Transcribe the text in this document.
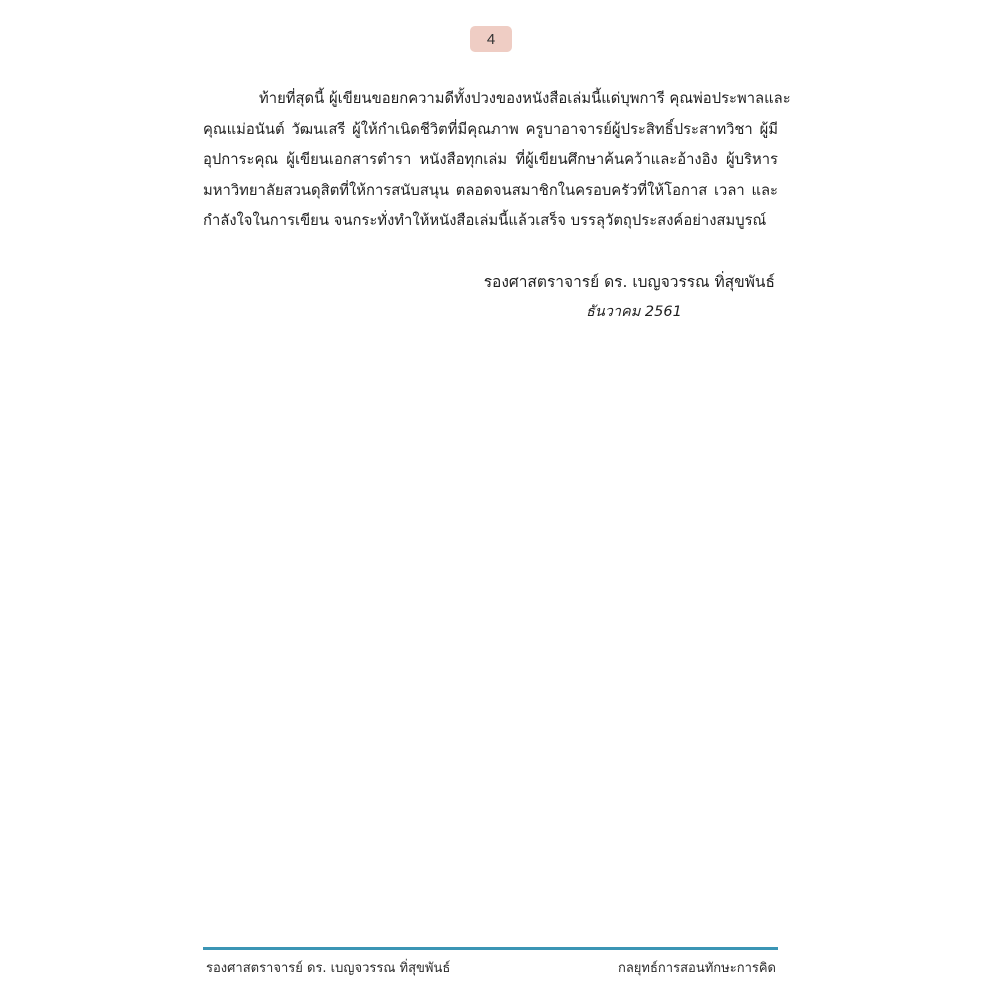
4

ท้ายที่สุดนี้ ผู้เขียนขอยกความดีทั้งปวงของหนังสือเล่มนี้แด่บุพการี คุณพ่อประพาลและ
คุณแม่อนันต์ วัฒนเสรี ผู้ให้กำเนิดชีวิตที่มีคุณภาพ ครูบาอาจารย์ผู้ประสิทธิ์ประสาทวิชา ผู้มี
อุปการะคุณ ผู้เขียนเอกสารตำรา หนังสือทุกเล่ม ที่ผู้เขียนศึกษาค้นคว้าและอ้างอิง ผู้บริหาร
มหาวิทยาลัยสวนดุสิตที่ให้การสนับสนุน ตลอดจนสมาชิกในครอบครัวที่ให้โอกาส เวลา และ
กำลังใจในการเขียน จนกระทั่งทำให้หนังสือเล่มนี้แล้วเสร็จ บรรลุวัตถุประสงค์อย่างสมบูรณ์

รองศาสตราจารย์ ดร. เบญจวรรณ ทิ่สุขพันธ์
ธันวาคม 2561
รองศาสตราจารย์ ดร. เบญจวรรณ ทิ่สุขพันธ์	กลยุทธ์การสอนทักษะการคิด
